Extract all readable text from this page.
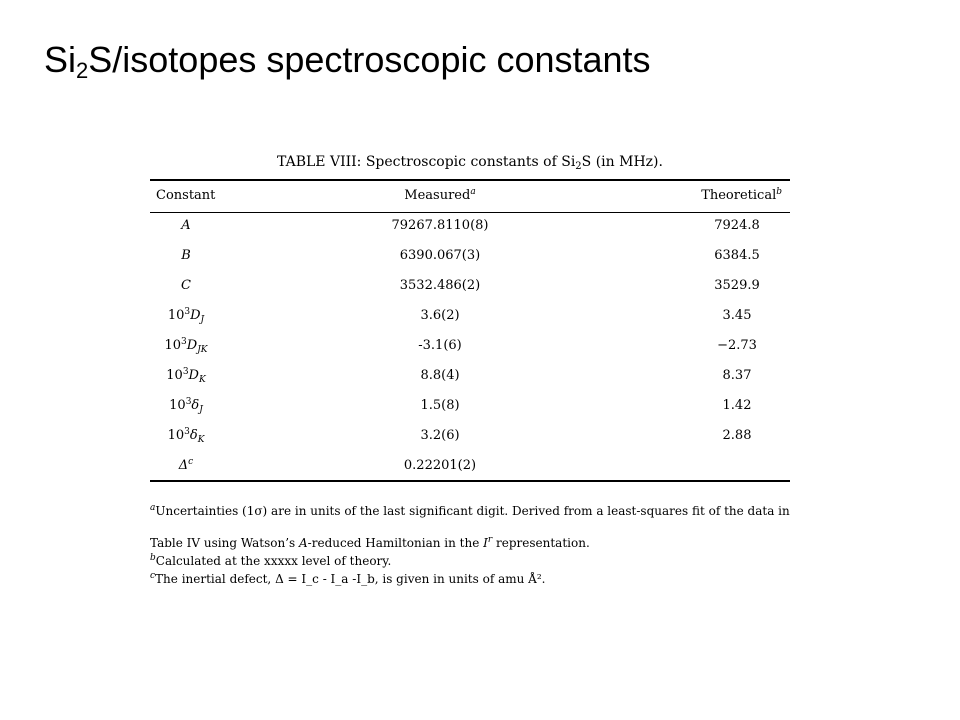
$Si_2S$/isotopes spectroscopic constants
TABLE VIII: Spectroscopic constants of $Si_2S$ (in MHz).
Constant	Measured$^a$	Theoretical$^b$
A	79267.8110(8)	7924.8
B	6390.067(3)	6384.5
C	3532.486(2)	3529.9
$10^3D_J$	3.6(2)	3.45
$10^3D_{JK}$	-3.1(6)	−2.73
$10^3D_K$	8.8(4)	8.37
$10^3\delta_J$	1.5(8)	1.42
$10^3\delta_K$	3.2(6)	2.88
$\Delta^c$	0.22201(2)
$^a$Uncertainties (1σ) are in units of the last significant digit. Derived from a least-squares fit of the data in
Table IV using Watson’s A-reduced Hamiltonian in the $I^r$ representation.
$^b$Calculated at the xxxxx level of theory.
$^c$The inertial defect, Δ = I_c - I_a -I_b, is given in units of amu Å².
